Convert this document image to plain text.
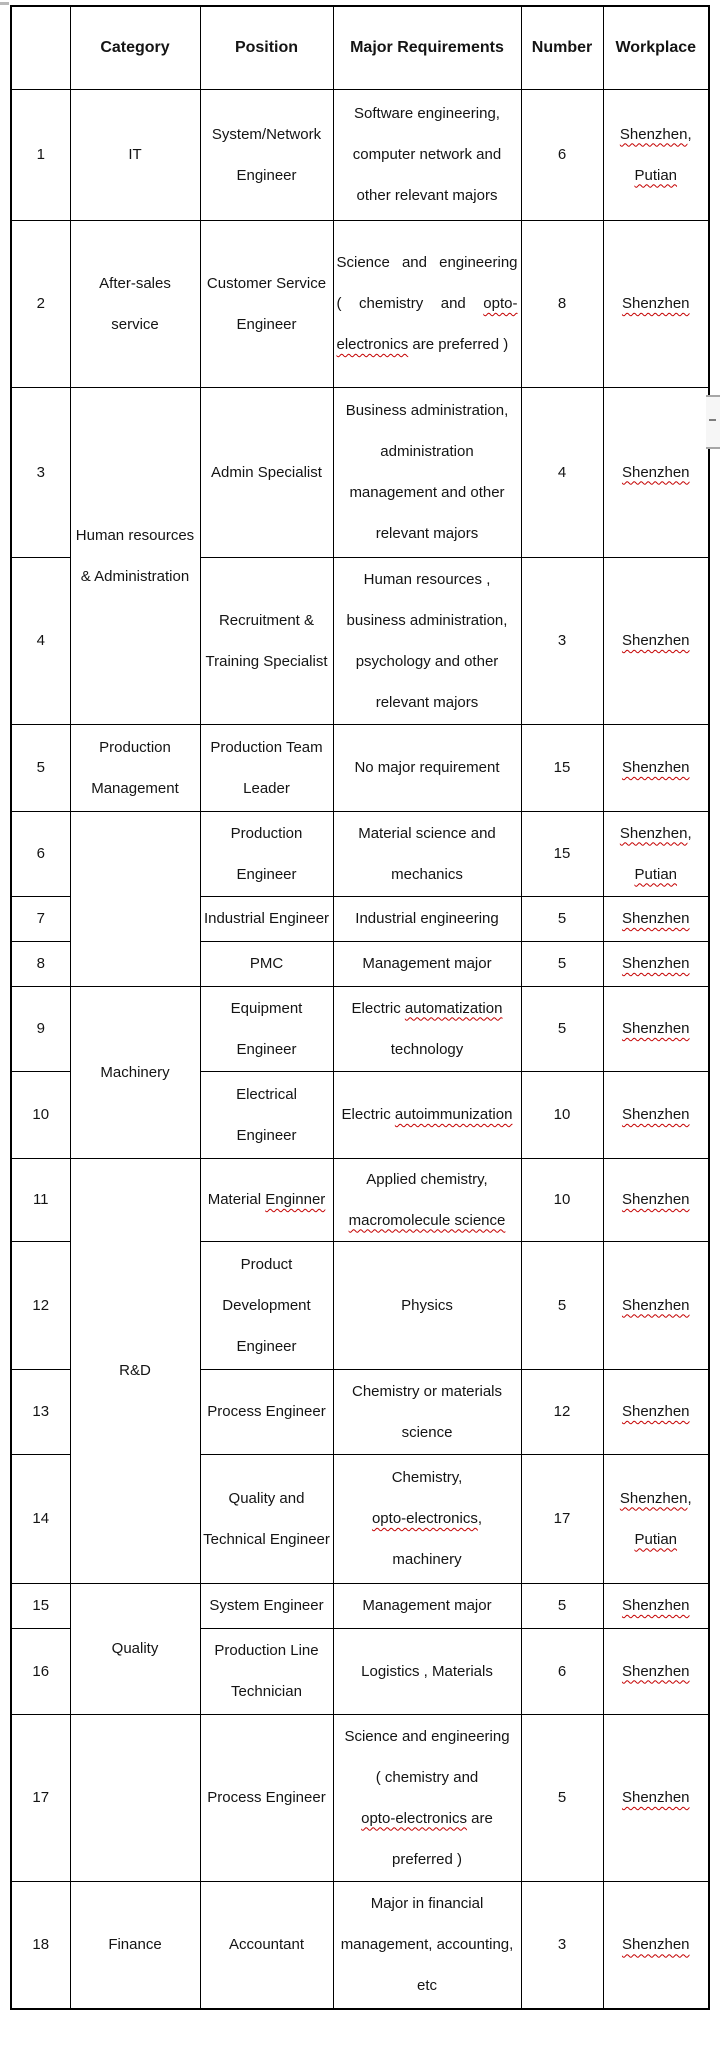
	Category	Position	Major Requirements	Number	Workplace
1	IT	System/Network
Engineer	Software engineering,
computer network and
other relevant majors	6	Shenzhen,
Putian
2	After-sales
service	Customer Service
Engineer	Science and engineering ( chemistry and opto-electronics are preferred )	8	Shenzhen
3	Human resources
& Administration	Admin Specialist	Business administration,
administration
management and other
relevant majors	4	Shenzhen
4		Recruitment &
Training Specialist	Human resources ,
business administration,
psychology and other
relevant majors	3	Shenzhen
5	Production
Management	Production Team
Leader	No major requirement	15	Shenzhen
6		Production
Engineer	Material science and
mechanics	15	Shenzhen,
Putian
7		Industrial Engineer	Industrial engineering	5	Shenzhen
8		PMC	Management major	5	Shenzhen
9	Machinery	Equipment
Engineer	Electric automatization
technology	5	Shenzhen
10		Electrical
Engineer	Electric autoimmunization	10	Shenzhen
11	R&D	Material Enginner	Applied chemistry,
macromolecule science	10	Shenzhen
12		Product
Development
Engineer	Physics	5	Shenzhen
13		Process Engineer	Chemistry or materials
science	12	Shenzhen
14		Quality and
Technical Engineer	Chemistry,
opto-electronics,
machinery	17	Shenzhen,
Putian
15	Quality	System Engineer	Management major	5	Shenzhen
16		Production Line
Technician	Logistics , Materials	6	Shenzhen
17		Process Engineer	Science and engineering
( chemistry and
opto-electronics are
preferred )	5	Shenzhen
18	Finance	Accountant	Major in financial
management, accounting,
etc	3	Shenzhen
